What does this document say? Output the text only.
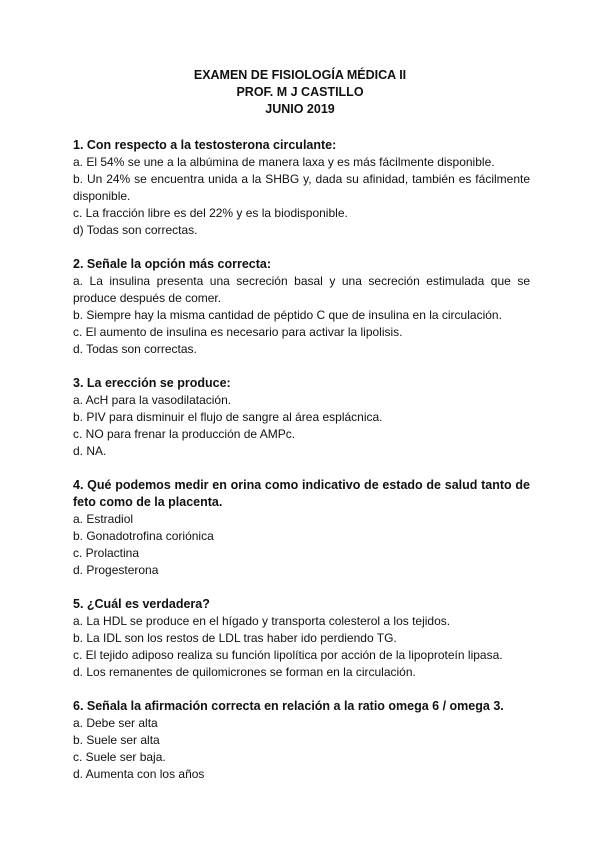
EXAMEN DE FISIOLOGÍA MÉDICA II
PROF. M J CASTILLO
JUNIO 2019
1. Con respecto a la testosterona circulante:
a. El 54% se une a la albúmina de manera laxa y es más fácilmente disponible.
b. Un 24% se encuentra unida a la SHBG y, dada su afinidad, también es fácilmente disponible.
c. La fracción libre es del 22% y es la biodisponible.
d) Todas son correctas.
2. Señale la opción más correcta:
a. La insulina presenta una secreción basal y una secreción estimulada que se produce después de comer.
b. Siempre hay la misma cantidad de péptido C que de insulina en la circulación.
c. El aumento de insulina es necesario para activar la lipolisis.
d. Todas son correctas.
3. La erección se produce:
a. AcH para la vasodilatación.
b. PIV para disminuir el flujo de sangre al área esplácnica.
c. NO para frenar la producción de AMPc.
d. NA.
4. Qué podemos medir en orina como indicativo de estado de salud tanto de feto como de la placenta.
a. Estradiol
b. Gonadotrofina coriónica
c. Prolactina
d. Progesterona
5. ¿Cuál es verdadera?
a. La HDL se produce en el hígado y transporta colesterol a los tejidos.
b. La IDL son los restos de LDL tras haber ido perdiendo TG.
c. El tejido adiposo realiza su función lipolítica por acción de la lipoproteín lipasa.
d. Los remanentes de quilomicrones se forman en la circulación.
6. Señala la afirmación correcta en relación a la ratio omega 6 / omega 3.
a. Debe ser alta
b. Suele ser alta
c. Suele ser baja.
d. Aumenta con los años
